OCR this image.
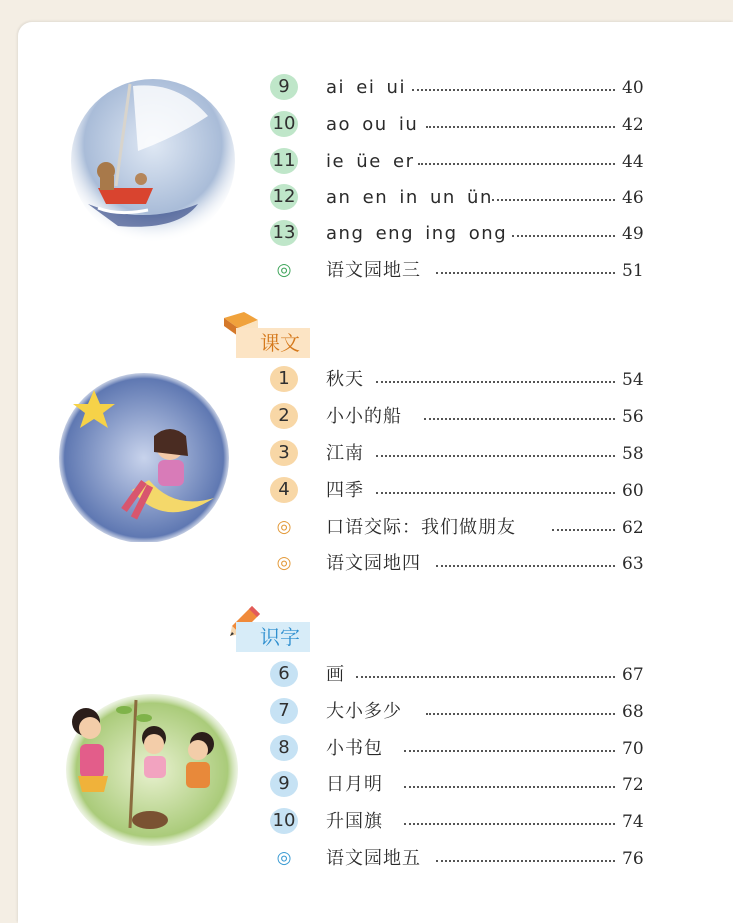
9	ai ei ui	40
10 ao ou iu	42
11 ie üe er	44
12 an en in un ün	46
13 ang eng ing ong	49
◎	语文园地三	51
课文
1	秋天	54
2	小小的船	56
3	江南	58
4	四季	60
◎	口语交际：我们做朋友	62
◎	语文园地四	63
识字
6	画	67
7	大小多少	68
8	小书包	70
9	日月明	72
10 升国旗	74
◎	语文园地五	76
